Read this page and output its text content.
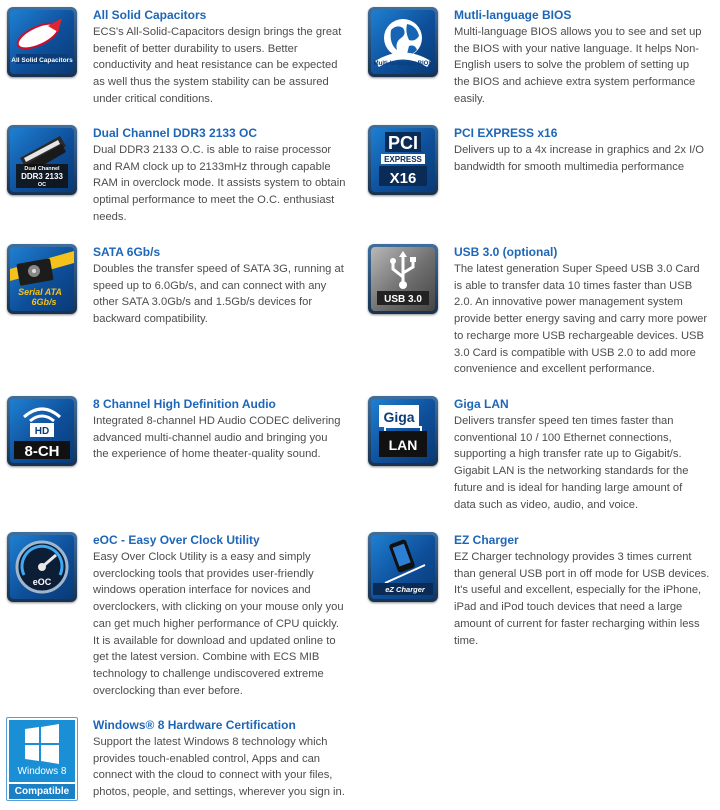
All Solid Capacitors
All Solid Capacitors
ECS's All-Solid-Capacitors design brings the great
benefit of better durability to users. Better
conductivity and heat resistance can be expected
as well thus the system stability can be assured
under critical conditions.
Multi-language BIOS
Mutli-language BIOS
Multi-language BIOS allows you to see and set up
the BIOS with your native language. It helps Non-
English users to solve the problem of setting up
the BIOS and achieve extra system performance
easily.
Dual Channel
DDR3 2133
OC
Dual Channel DDR3 2133 OC
Dual DDR3 2133 O.C. is able to raise processor
and RAM clock up to 2133mHz through capable
RAM in overclock mode. It assists system to obtain
optimal performance to meet the O.C. enthusiast
needs.
PCI
EXPRESS
X16
PCI EXPRESS x16
Delivers up to a 4x increase in graphics and 2x I/O
bandwidth for smooth multimedia performance
Serial ATA
6Gb/s
SATA 6Gb/s
Doubles the transfer speed of SATA 3G, running at
speed up to 6.0Gb/s, and can connect with any
other SATA 3.0Gb/s and 1.5Gb/s devices for
backward compatibility.
USB 3.0
USB 3.0 (optional)
The latest generation Super Speed USB 3.0 Card
is able to transfer data 10 times faster than USB
2.0. An innovative power management system
provide better energy saving and carry more power
to recharge more USB rechargeable devices. USB
3.0 Card is compatible with USB 2.0 to add more
convenience and excellent performance.
HD
8-CH
8 Channel High Definition Audio
Integrated 8-channel HD Audio CODEC delivering
advanced multi-channel audio and bringing you
the experience of home theater-quality sound.
Giga
LAN
Giga LAN
Delivers transfer speed ten times faster than
conventional 10 / 100 Ethernet connections,
supporting a high transfer rate up to Gigabit/s.
Gigabit LAN is the networking standards for the
future and is ideal for handing large amount of
data such as video, audio, and voice.
eOC
eOC - Easy Over Clock Utility
Easy Over Clock Utility is a easy and simply
overclocking tools that provides user-friendly
windows operation interface for novices and
overclockers, with clicking on your mouse only you
can get much higher performance of CPU quickly.
It is available for download and updated online to
get the latest version. Combine with ECS MIB
technology to challenge undiscovered extreme
overclocking than ever before.
eZ Charger
EZ Charger
EZ Charger technology provides 3 times current
than general USB port in off mode for USB devices.
It's useful and excellent, especially for the iPhone,
iPad and iPod touch devices that need a large
amount of current for faster recharging within less
time.
Windows 8
Compatible
Windows® 8 Hardware Certification
Support the latest Windows 8 technology which
provides touch-enabled control, Apps and can
connect with the cloud to connect with your files,
photos, people, and settings, wherever you sign in.
